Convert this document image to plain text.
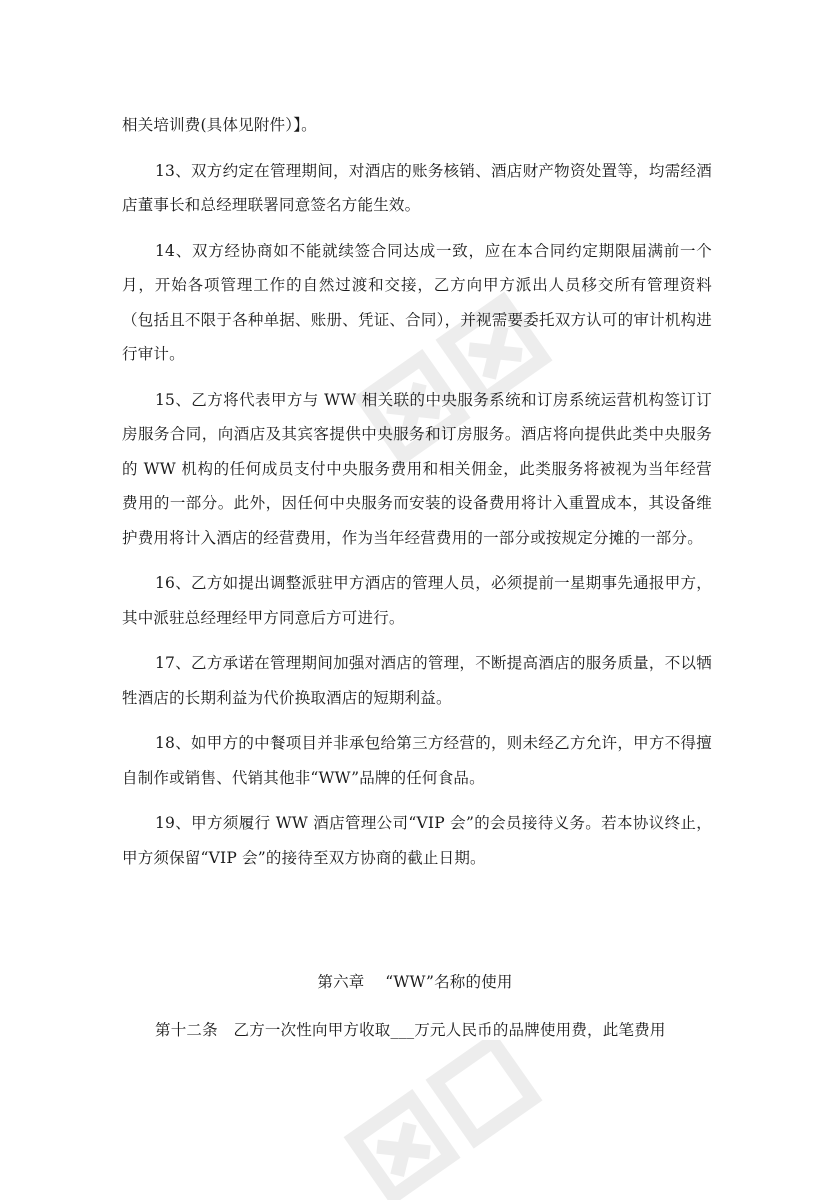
相关培训费(具体见附件）】。

13、双方约定在管理期间，对酒店的账务核销、酒店财产物资处置等，均需经酒店董事长和总经理联署同意签名方能生效。

14、双方经协商如不能就续签合同达成一致，应在本合同约定期限届满前一个月，开始各项管理工作的自然过渡和交接，乙方向甲方派出人员移交所有管理资料（包括且不限于各种单据、账册、凭证、合同），并视需要委托双方认可的审计机构进行审计。

15、乙方将代表甲方与 WW 相关联的中央服务系统和订房系统运营机构签订订房服务合同，向酒店及其宾客提供中央服务和订房服务。酒店将向提供此类中央服务的 WW 机构的任何成员支付中央服务费用和相关佣金，此类服务将被视为当年经营费用的一部分。此外，因任何中央服务而安装的设备费用将计入重置成本，其设备维护费用将计入酒店的经营费用，作为当年经营费用的一部分或按规定分摊的一部分。

16、乙方如提出调整派驻甲方酒店的管理人员，必须提前一星期事先通报甲方，其中派驻总经理经甲方同意后方可进行。

17、乙方承诺在管理期间加强对酒店的管理，不断提高酒店的服务质量，不以牺牲酒店的长期利益为代价换取酒店的短期利益。

18、如甲方的中餐项目并非承包给第三方经营的，则未经乙方允许，甲方不得擅自制作或销售、代销其他非“WW”品牌的任何食品。

19、甲方须履行 WW 酒店管理公司“VIP 会”的会员接待义务。若本协议终止，甲方须保留“VIP 会”的接待至双方协商的截止日期。

第六章　 “WW”名称的使用
第十二条　乙方一次性向甲方收取___万元人民币的品牌使用费，此笔费用
